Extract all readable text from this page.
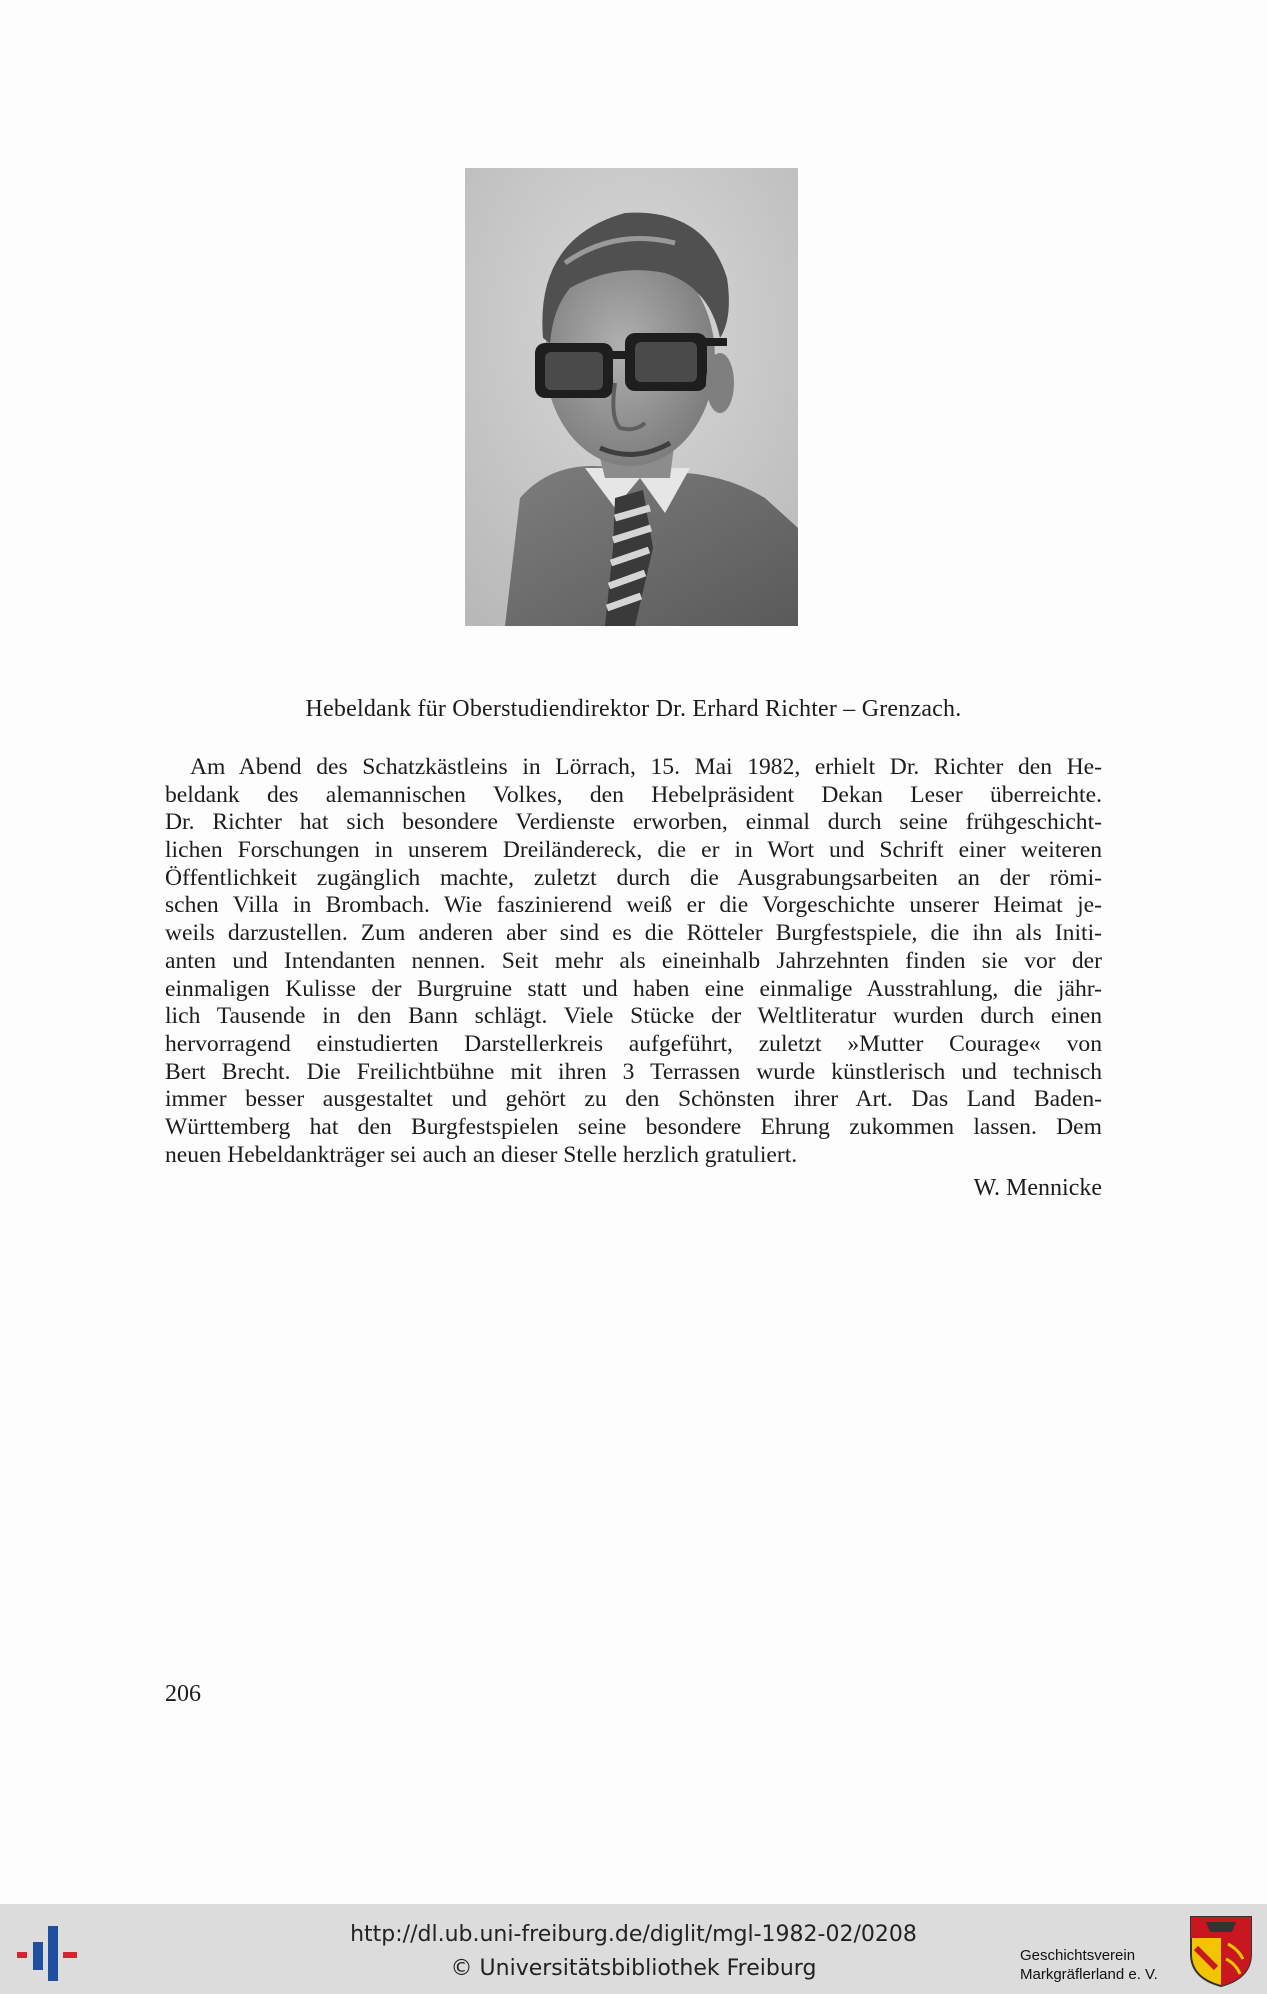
Hebeldank für Oberstudiendirektor Dr. Erhard Richter – Grenzach.
Am Abend des Schatzkästleins in Lörrach, 15. Mai 1982, erhielt Dr. Richter den He-
beldank des alemannischen Volkes, den Hebelpräsident Dekan Leser überreichte.
Dr. Richter hat sich besondere Verdienste erworben, einmal durch seine frühgeschicht-
lichen Forschungen in unserem Dreiländereck, die er in Wort und Schrift einer weiteren
Öffentlichkeit zugänglich machte, zuletzt durch die Ausgrabungsarbeiten an der römi-
schen Villa in Brombach. Wie faszinierend weiß er die Vorgeschichte unserer Heimat je-
weils darzustellen. Zum anderen aber sind es die Rötteler Burgfestspiele, die ihn als Initi-
anten und Intendanten nennen. Seit mehr als eineinhalb Jahrzehnten finden sie vor der
einmaligen Kulisse der Burgruine statt und haben eine einmalige Ausstrahlung, die jähr-
lich Tausende in den Bann schlägt. Viele Stücke der Weltliteratur wurden durch einen
hervorragend einstudierten Darstellerkreis aufgeführt, zuletzt »Mutter Courage« von
Bert Brecht. Die Freilichtbühne mit ihren 3 Terrassen wurde künstlerisch und technisch
immer besser ausgestaltet und gehört zu den Schönsten ihrer Art. Das Land Baden-
Württemberg hat den Burgfestspielen seine besondere Ehrung zukommen lassen. Dem
neuen Hebeldankträger sei auch an dieser Stelle herzlich gratuliert.
W. Mennicke
206
http://dl.ub.uni-freiburg.de/diglit/mgl-1982-02/0208
© Universitätsbibliothek Freiburg
Geschichtsverein
Markgräflerland e. V.
